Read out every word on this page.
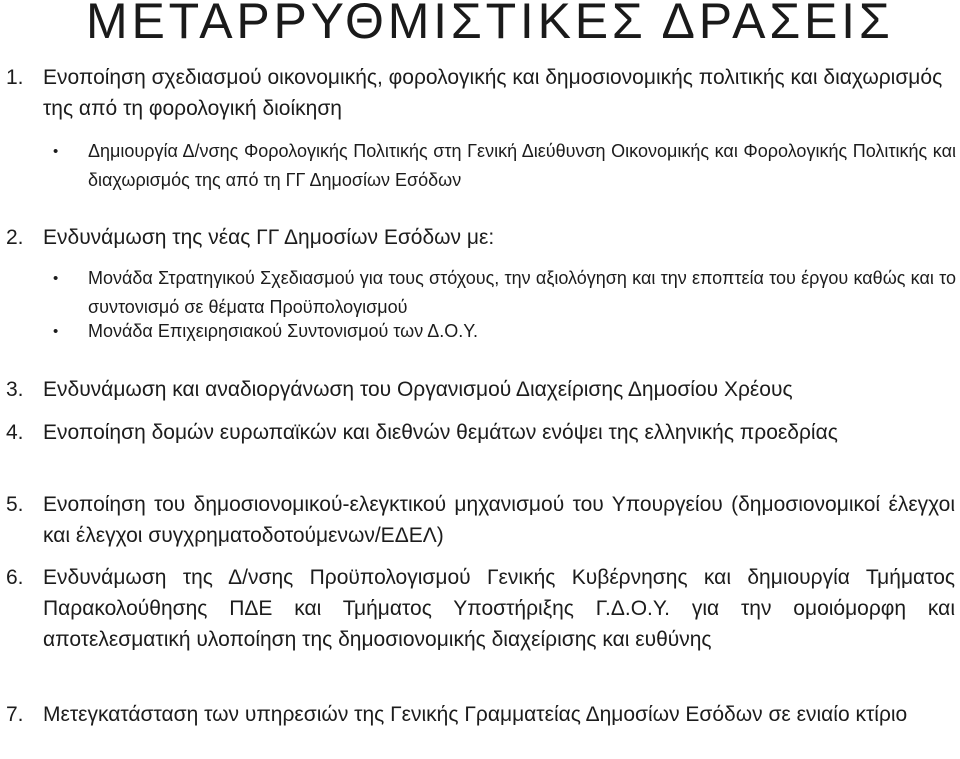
ΜΕΤΑΡΡΥΘΜΙΣΤΙΚΕΣ ΔΡΑΣΕΙΣ
1. Ενοποίηση σχεδιασμού οικονομικής, φορολογικής και δημοσιονομικής πολιτικής και διαχωρισμός της από τη φορολογική διοίκηση
• Δημιουργία Δ/νσης Φορολογικής Πολιτικής στη Γενική Διεύθυνση Οικονομικής και Φορολογικής Πολιτικής και διαχωρισμός της από τη ΓΓ Δημοσίων Εσόδων
2. Ενδυνάμωση της νέας ΓΓ Δημοσίων Εσόδων με:
• Μονάδα Στρατηγικού Σχεδιασμού για τους στόχους, την αξιολόγηση και την εποπτεία του έργου καθώς και το συντονισμό σε θέματα Προϋπολογισμού
• Μονάδα Επιχειρησιακού Συντονισμού των Δ.Ο.Υ.
3. Ενδυνάμωση και αναδιοργάνωση του Οργανισμού Διαχείρισης Δημοσίου Χρέους
4. Ενοποίηση δομών ευρωπαϊκών και διεθνών θεμάτων ενόψει της ελληνικής προεδρίας
5. Ενοποίηση του δημοσιονομικού-ελεγκτικού μηχανισμού του Υπουργείου (δημοσιονομικοί έλεγχοι και έλεγχοι συγχρηματοδοτούμενων/ΕΔΕΛ)
6. Ενδυνάμωση της Δ/νσης Προϋπολογισμού Γενικής Κυβέρνησης και δημιουργία Τμήματος Παρακολούθησης ΠΔΕ και Τμήματος Υποστήριξης Γ.Δ.Ο.Υ. για την ομοιόμορφη και αποτελεσματική υλοποίηση της δημοσιονομικής διαχείρισης και ευθύνης
7. Μετεγκατάσταση των υπηρεσιών της Γενικής Γραμματείας Δημοσίων Εσόδων σε ενιαίο κτίριο
